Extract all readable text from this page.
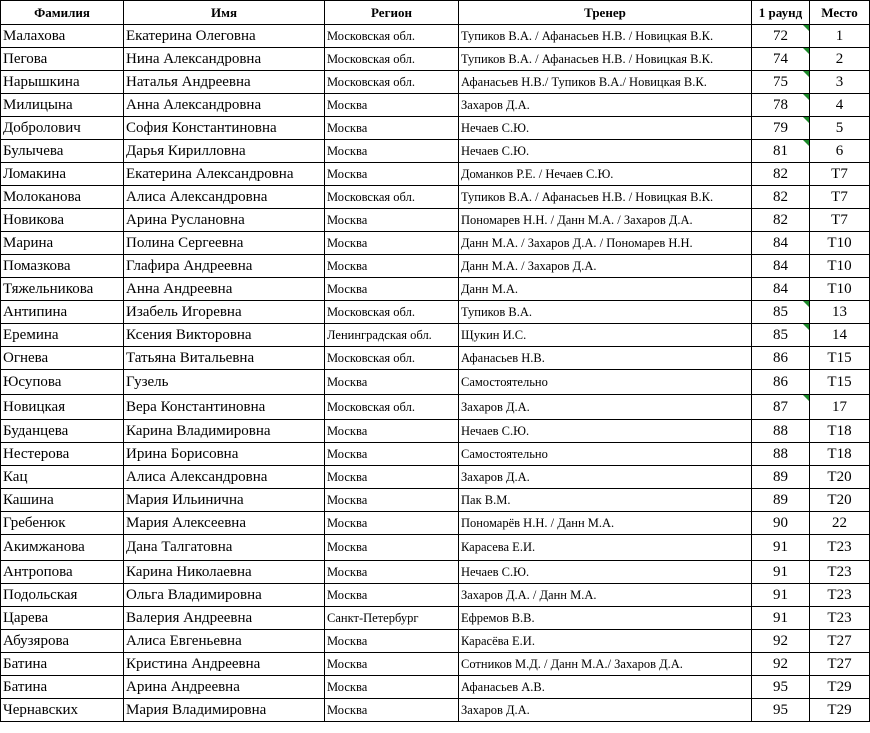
Фамилия	Имя	Регион	Тренер	1 раунд	Место
Малахова	Екатерина Олеговна	Московская обл.	Тупиков В.А. / Афанасьев Н.В. / Новицкая В.К.	72	1
Пегова	Нина Александровна	Московская обл.	Тупиков В.А. / Афанасьев Н.В. / Новицкая В.К.	74	2
Нарышкина	Наталья Андреевна	Московская обл.	Афанасьев Н.В./ Тупиков В.А./ Новицкая В.К.	75	3
Милицына	Анна Александровна	Москва	Захаров Д.А.	78	4
Добролович	София Константиновна	Москва	Нечаев С.Ю.	79	5
Булычева	Дарья Кирилловна	Москва	Нечаев С.Ю.	81	6
Ломакина	Екатерина Александровна	Москва	Доманков Р.Е. / Нечаев С.Ю.	82	T7
Молоканова	Алиса Александровна	Московская обл.	Тупиков В.А. / Афанасьев Н.В. / Новицкая В.К.	82	T7
Новикова	Арина Руслановна	Москва	Пономарев Н.Н. / Данн М.А. / Захаров Д.А.	82	T7
Марина	Полина Сергеевна	Москва	Данн М.А. / Захаров Д.А. / Пономарев Н.Н.	84	T10
Помазкова	Глафира Андреевна	Москва	Данн М.А. / Захаров Д.А.	84	T10
Тяжельникова	Анна Андреевна	Москва	Данн М.А.	84	T10
Антипина	Изабель Игоревна	Московская обл.	Тупиков В.А.	85	13
Еремина	Ксения Викторовна	Ленинградская обл.	Щукин И.С.	85	14
Огнева	Татьяна Витальевна	Московская обл.	Афанасьев Н.В.	86	T15
Юсупова	Гузель	Москва	Самостоятельно	86	T15
Новицкая	Вера Константиновна	Московская обл.	Захаров Д.А.	87	17
Буданцева	Карина Владимировна	Москва	Нечаев С.Ю.	88	T18
Нестерова	Ирина Борисовна	Москва	Самостоятельно	88	T18
Кац	Алиса Александровна	Москва	Захаров Д.А.	89	T20
Кашина	Мария Ильинична	Москва	Пак В.М.	89	T20
Гребенюк	Мария Алексеевна	Москва	Пономарёв Н.Н. / Данн М.А.	90	22
Акимжанова	Дана Талгатовна	Москва	Карасева Е.И.	91	T23
Антропова	Карина Николаевна	Москва	Нечаев С.Ю.	91	T23
Подольская	Ольга Владимировна	Москва	Захаров Д.А. / Данн М.А.	91	T23
Царева	Валерия Андреевна	Санкт-Петербург	Ефремов В.В.	91	T23
Абузярова	Алиса Евгеньевна	Москва	Карасёва Е.И.	92	T27
Батина	Кристина Андреевна	Москва	Сотников М.Д. / Данн М.А./ Захаров Д.А.	92	T27
Батина	Арина Андреевна	Москва	Афанасьев А.В.	95	T29
Чернавских	Мария Владимировна	Москва	Захаров Д.А.	95	T29
